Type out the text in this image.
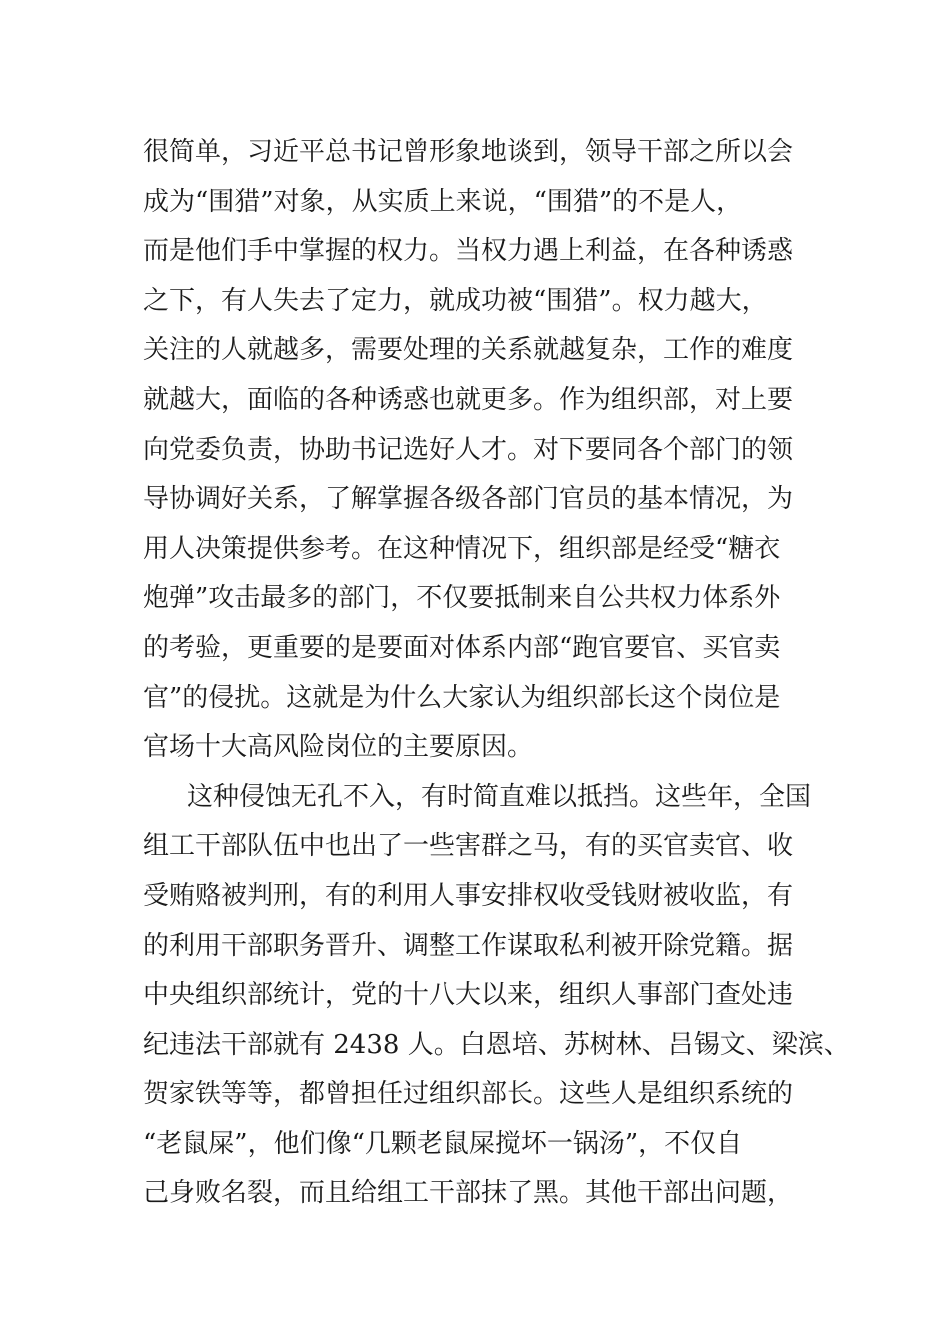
很简单，习近平总书记曾形象地谈到，领导干部之所以会
成为“围猎”对象，从实质上来说，“围猎”的不是人，
而是他们手中掌握的权力。当权力遇上利益，在各种诱惑
之下，有人失去了定力，就成功被“围猎”。权力越大，
关注的人就越多，需要处理的关系就越复杂，工作的难度
就越大，面临的各种诱惑也就更多。作为组织部，对上要
向党委负责，协助书记选好人才。对下要同各个部门的领
导协调好关系，了解掌握各级各部门官员的基本情况，为
用人决策提供参考。在这种情况下，组织部是经受“糖衣
炮弹”攻击最多的部门，不仅要抵制来自公共权力体系外
的考验，更重要的是要面对体系内部“跑官要官、买官卖
官”的侵扰。这就是为什么大家认为组织部长这个岗位是
官场十大高风险岗位的主要原因。
这种侵蚀无孔不入，有时简直难以抵挡。这些年，全国
组工干部队伍中也出了一些害群之马，有的买官卖官、收
受贿赂被判刑，有的利用人事安排权收受钱财被收监，有
的利用干部职务晋升、调整工作谋取私利被开除党籍。据
中央组织部统计，党的十八大以来，组织人事部门查处违
纪违法干部就有 2438 人。白恩培、苏树林、吕锡文、梁滨、
贺家铁等等，都曾担任过组织部长。这些人是组织系统的
“老鼠屎”，他们像“几颗老鼠屎搅坏一锅汤”，不仅自
己身败名裂，而且给组工干部抹了黑。其他干部出问题，
